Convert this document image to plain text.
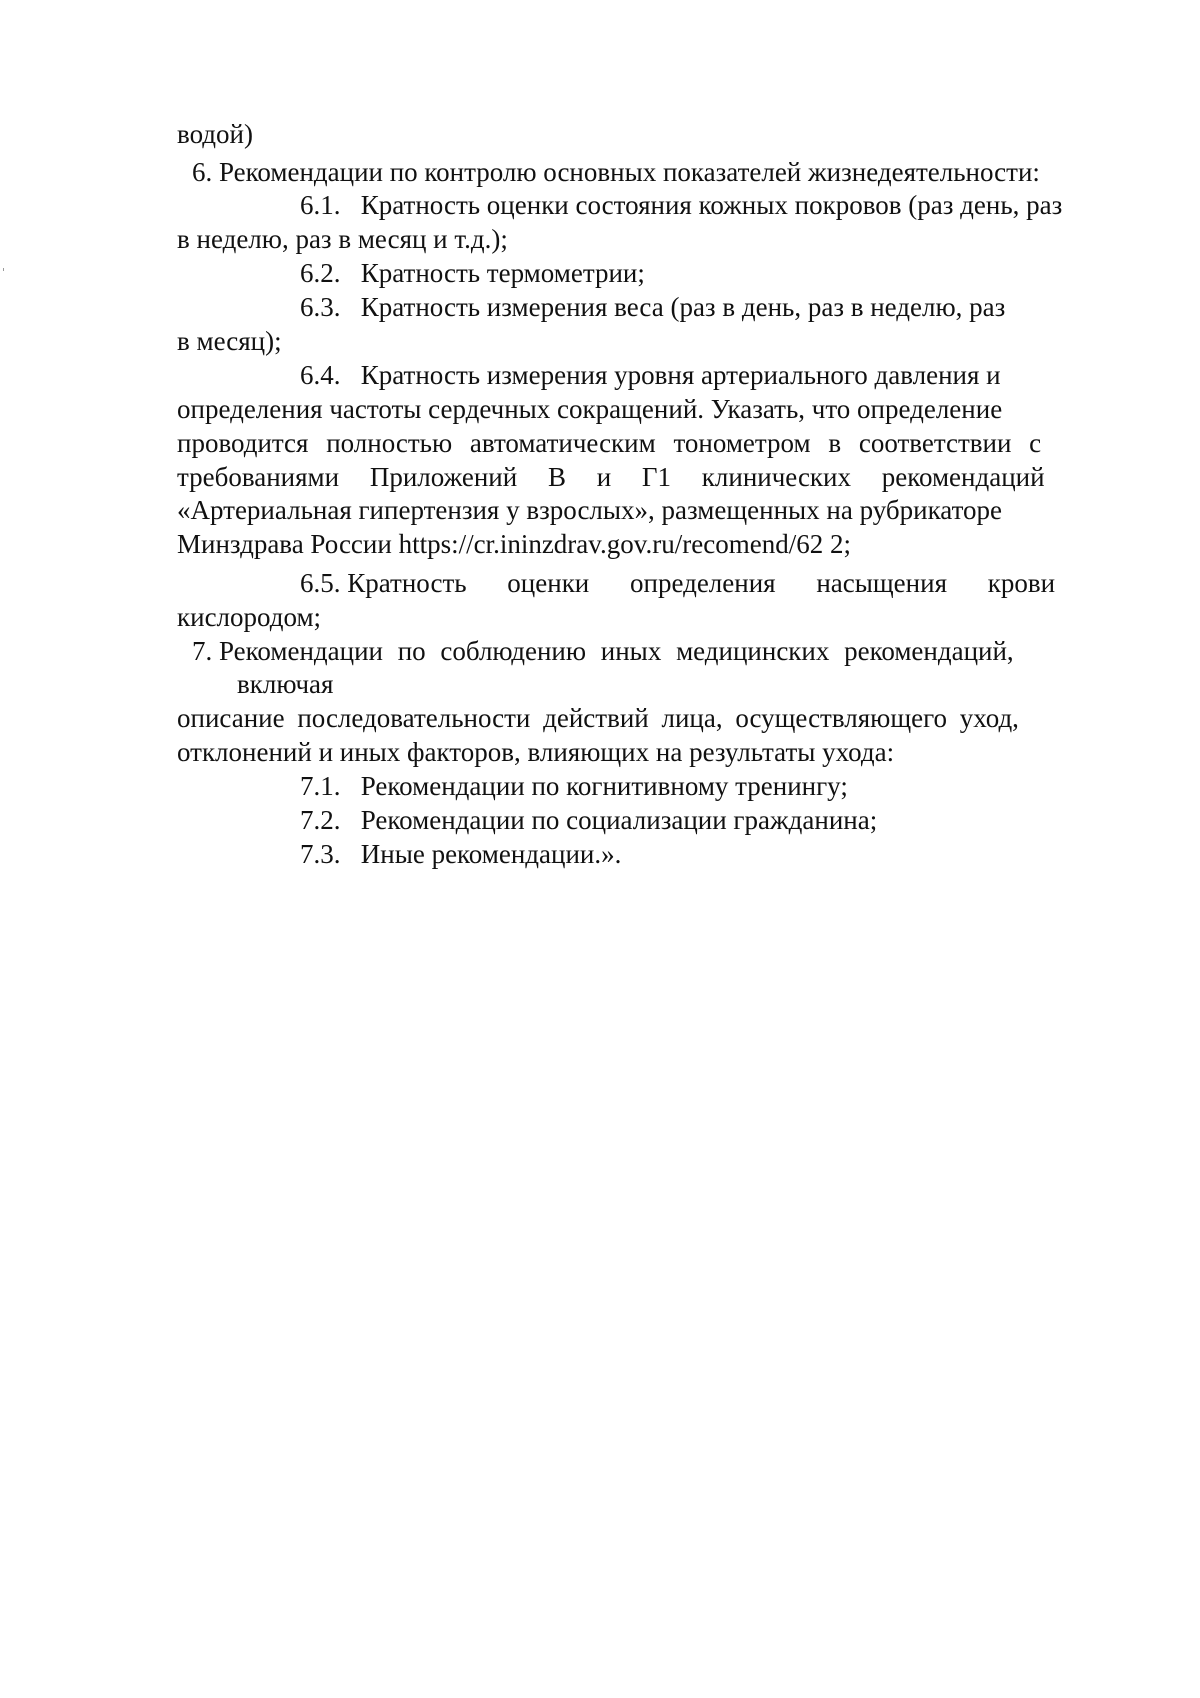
водой)
6. Рекомендации по контролю основных показателей жизнедеятельности:
6.1. Кратность оценки состояния кожных покровов (раз день, раз
в неделю, раз в месяц и т.д.);
6.2. Кратность термометрии;
6.3. Кратность измерения веса (раз в день, раз в неделю, раз
в месяц);
6.4. Кратность измерения уровня артериального давления и
определения частоты сердечных сокращений. Указать, что определение
проводится полностью автоматическим тонометром в соответствии с
требованиями Приложений В и Г1 клинических рекомендаций
«Артериальная гипертензия у взрослых», размещенных на рубрикаторе
Минздрава России https://cr.ininzdrav.gov.ru/recomend/62 2;
6.5. Кратность оценки определения насыщения крови
кислородом;
7. Рекомендации по соблюдению иных медицинских рекомендаций,
включая
описание последовательности действий лица, осуществляющего уход,
отклонений и иных факторов, влияющих на результаты ухода:
7.1. Рекомендации по когнитивному тренингу;
7.2. Рекомендации по социализации гражданина;
7.3. Иные рекомендации.».
